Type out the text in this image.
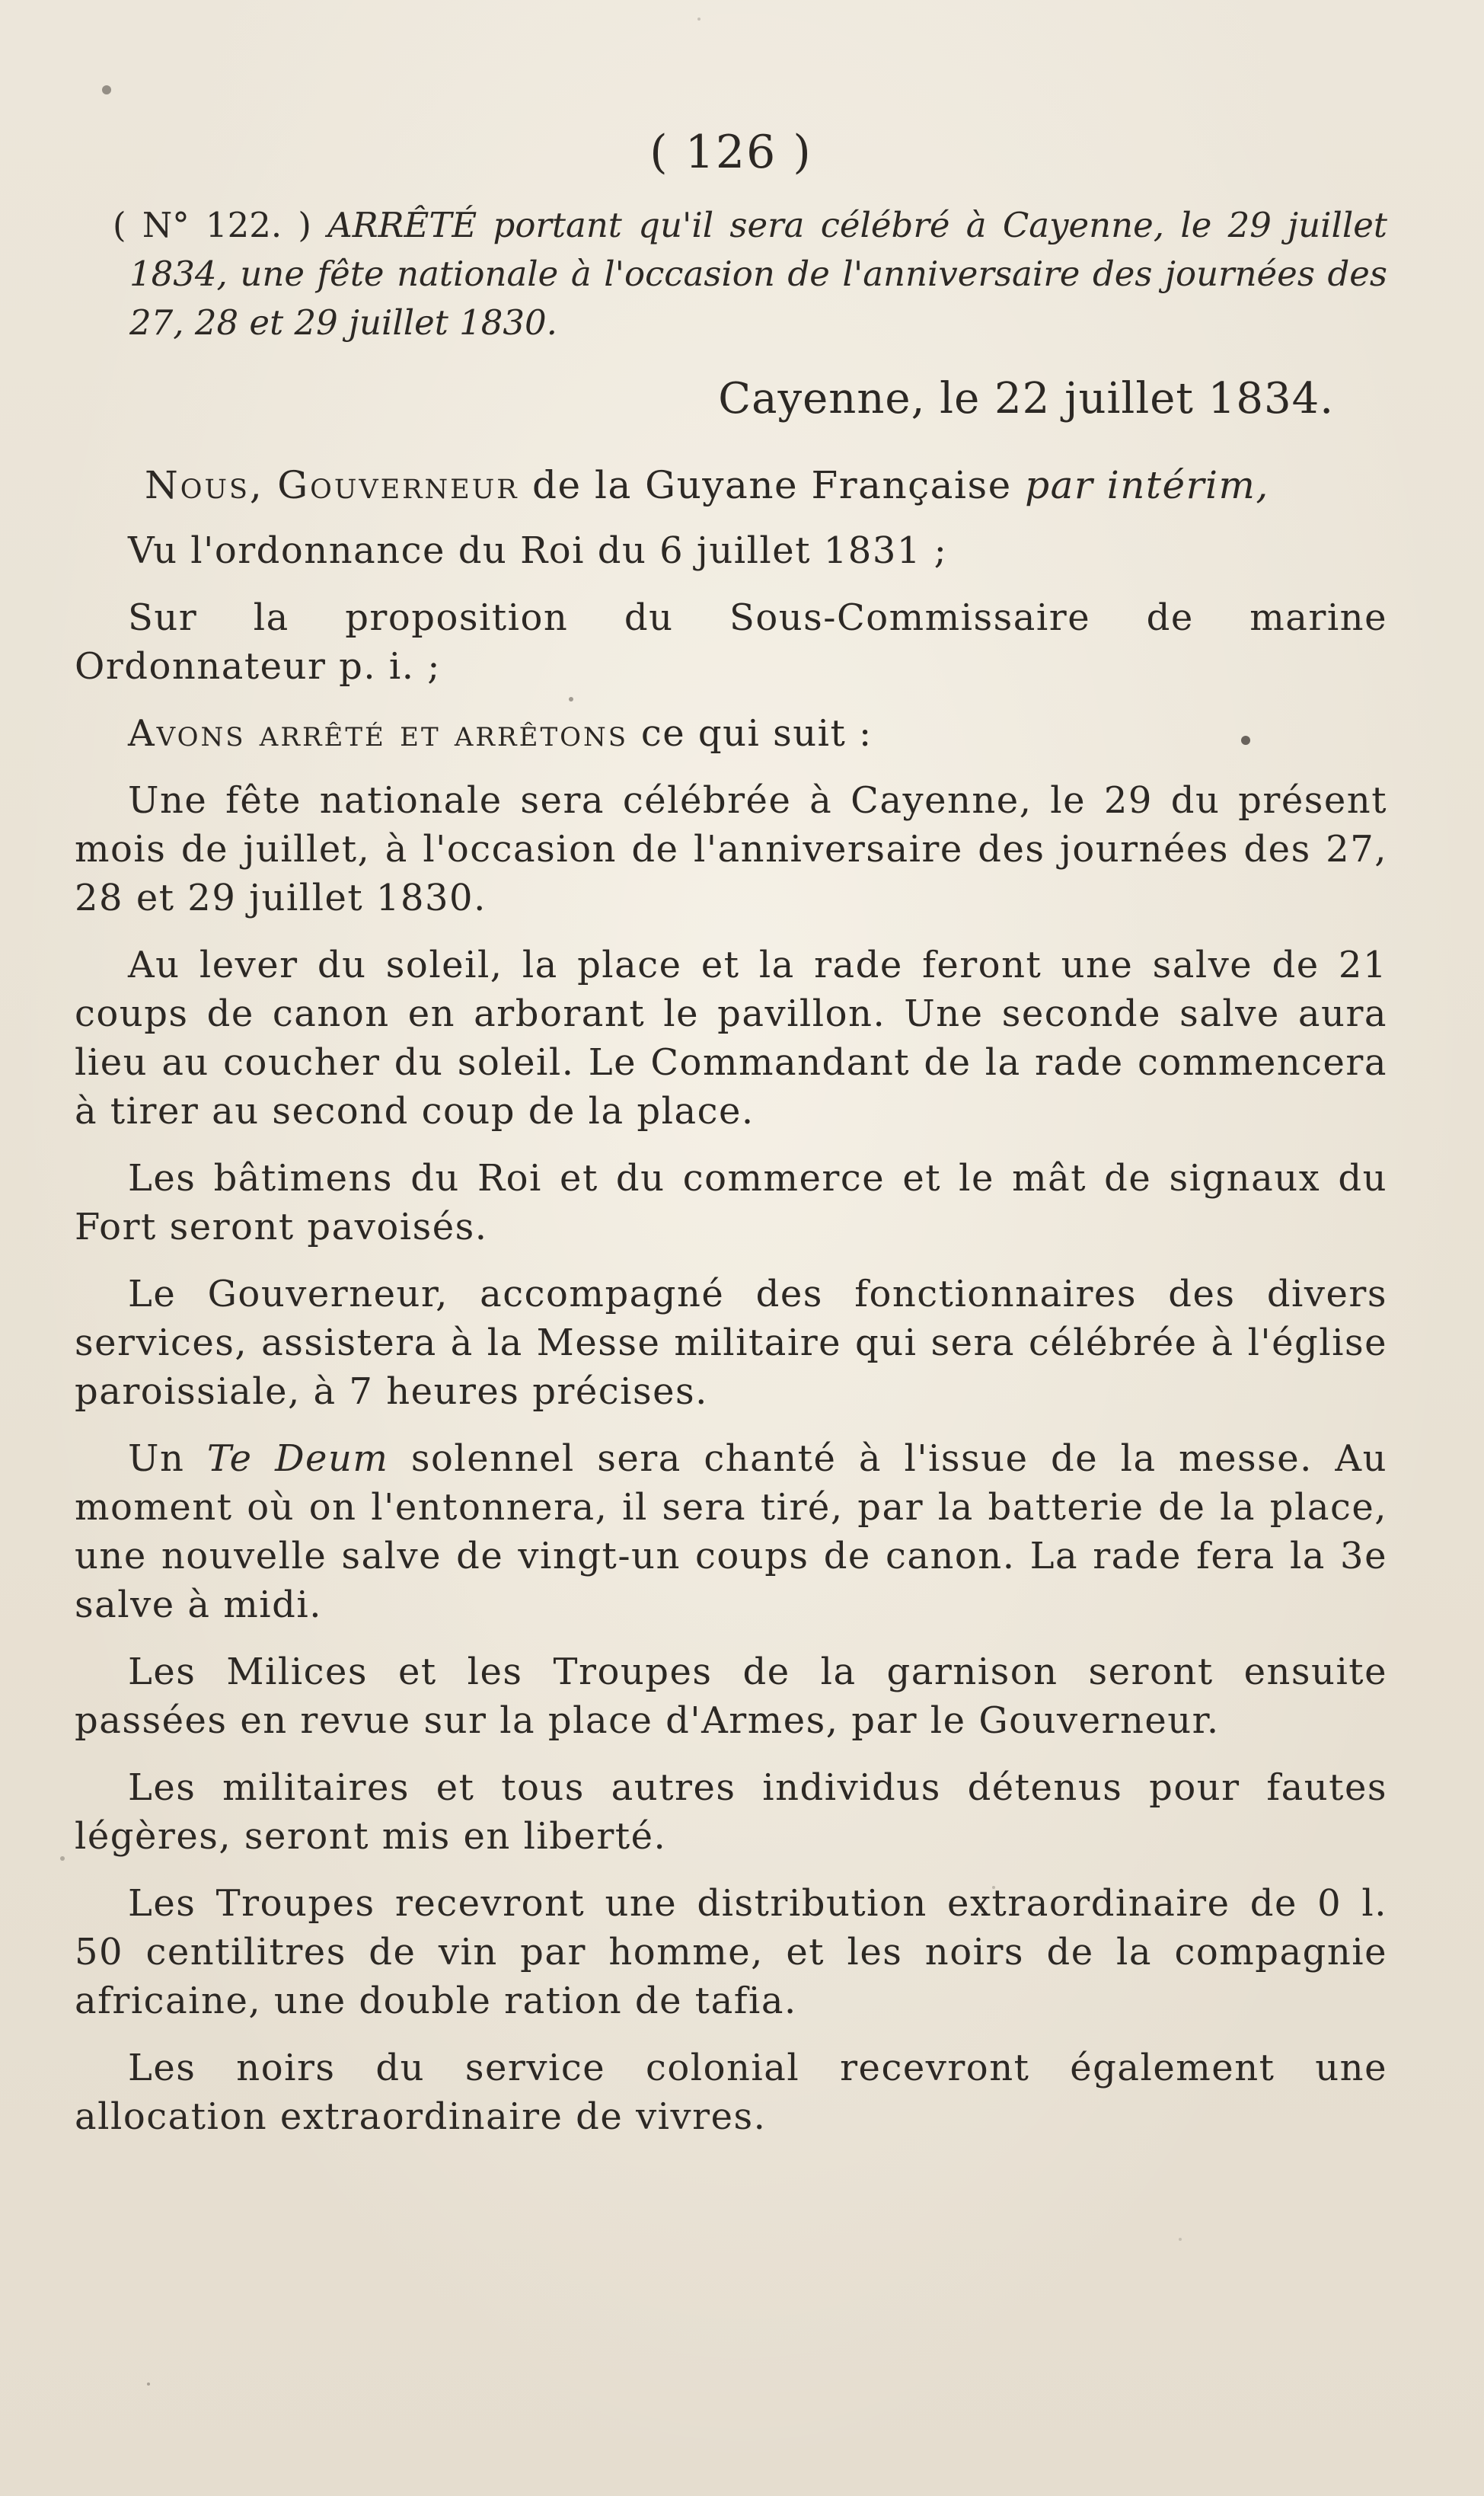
( 126 )

( N° 122. ) ARRÊTÉ portant qu'il sera célébré à Cayenne, le 29 juillet 1834, une fête nationale à l'occasion de l'anniversaire des journées des 27, 28 et 29 juillet 1830.

Cayenne, le 22 juillet 1834.

Nous, Gouverneur de la Guyane Française par intérim,

Vu l'ordonnance du Roi du 6 juillet 1831 ;

Sur la proposition du Sous-Commissaire de marine Ordonnateur p. i. ;

Avons arrêté et arrêtons ce qui suit :

Une fête nationale sera célébrée à Cayenne, le 29 du présent mois de juillet, à l'occasion de l'anniversaire des journées des 27, 28 et 29 juillet 1830.

Au lever du soleil, la place et la rade feront une salve de 21 coups de canon en arborant le pavillon. Une seconde salve aura lieu au coucher du soleil. Le Commandant de la rade commencera à tirer au second coup de la place.

Les bâtimens du Roi et du commerce et le mât de signaux du Fort seront pavoisés.

Le Gouverneur, accompagné des fonctionnaires des divers services, assistera à la Messe militaire qui sera célébrée à l'église paroissiale, à 7 heures précises.

Un Te Deum solennel sera chanté à l'issue de la messe. Au moment où on l'entonnera, il sera tiré, par la batterie de la place, une nouvelle salve de vingt-un coups de canon. La rade fera la 3e salve à midi.

Les Milices et les Troupes de la garnison seront ensuite passées en revue sur la place d'Armes, par le Gouverneur.

Les militaires et tous autres individus détenus pour fautes légères, seront mis en liberté.

Les Troupes recevront une distribution extraordinaire de 0 l. 50 centilitres de vin par homme, et les noirs de la compagnie africaine, une double ration de tafia.

Les noirs du service colonial recevront également une allocation extraordinaire de vivres.
